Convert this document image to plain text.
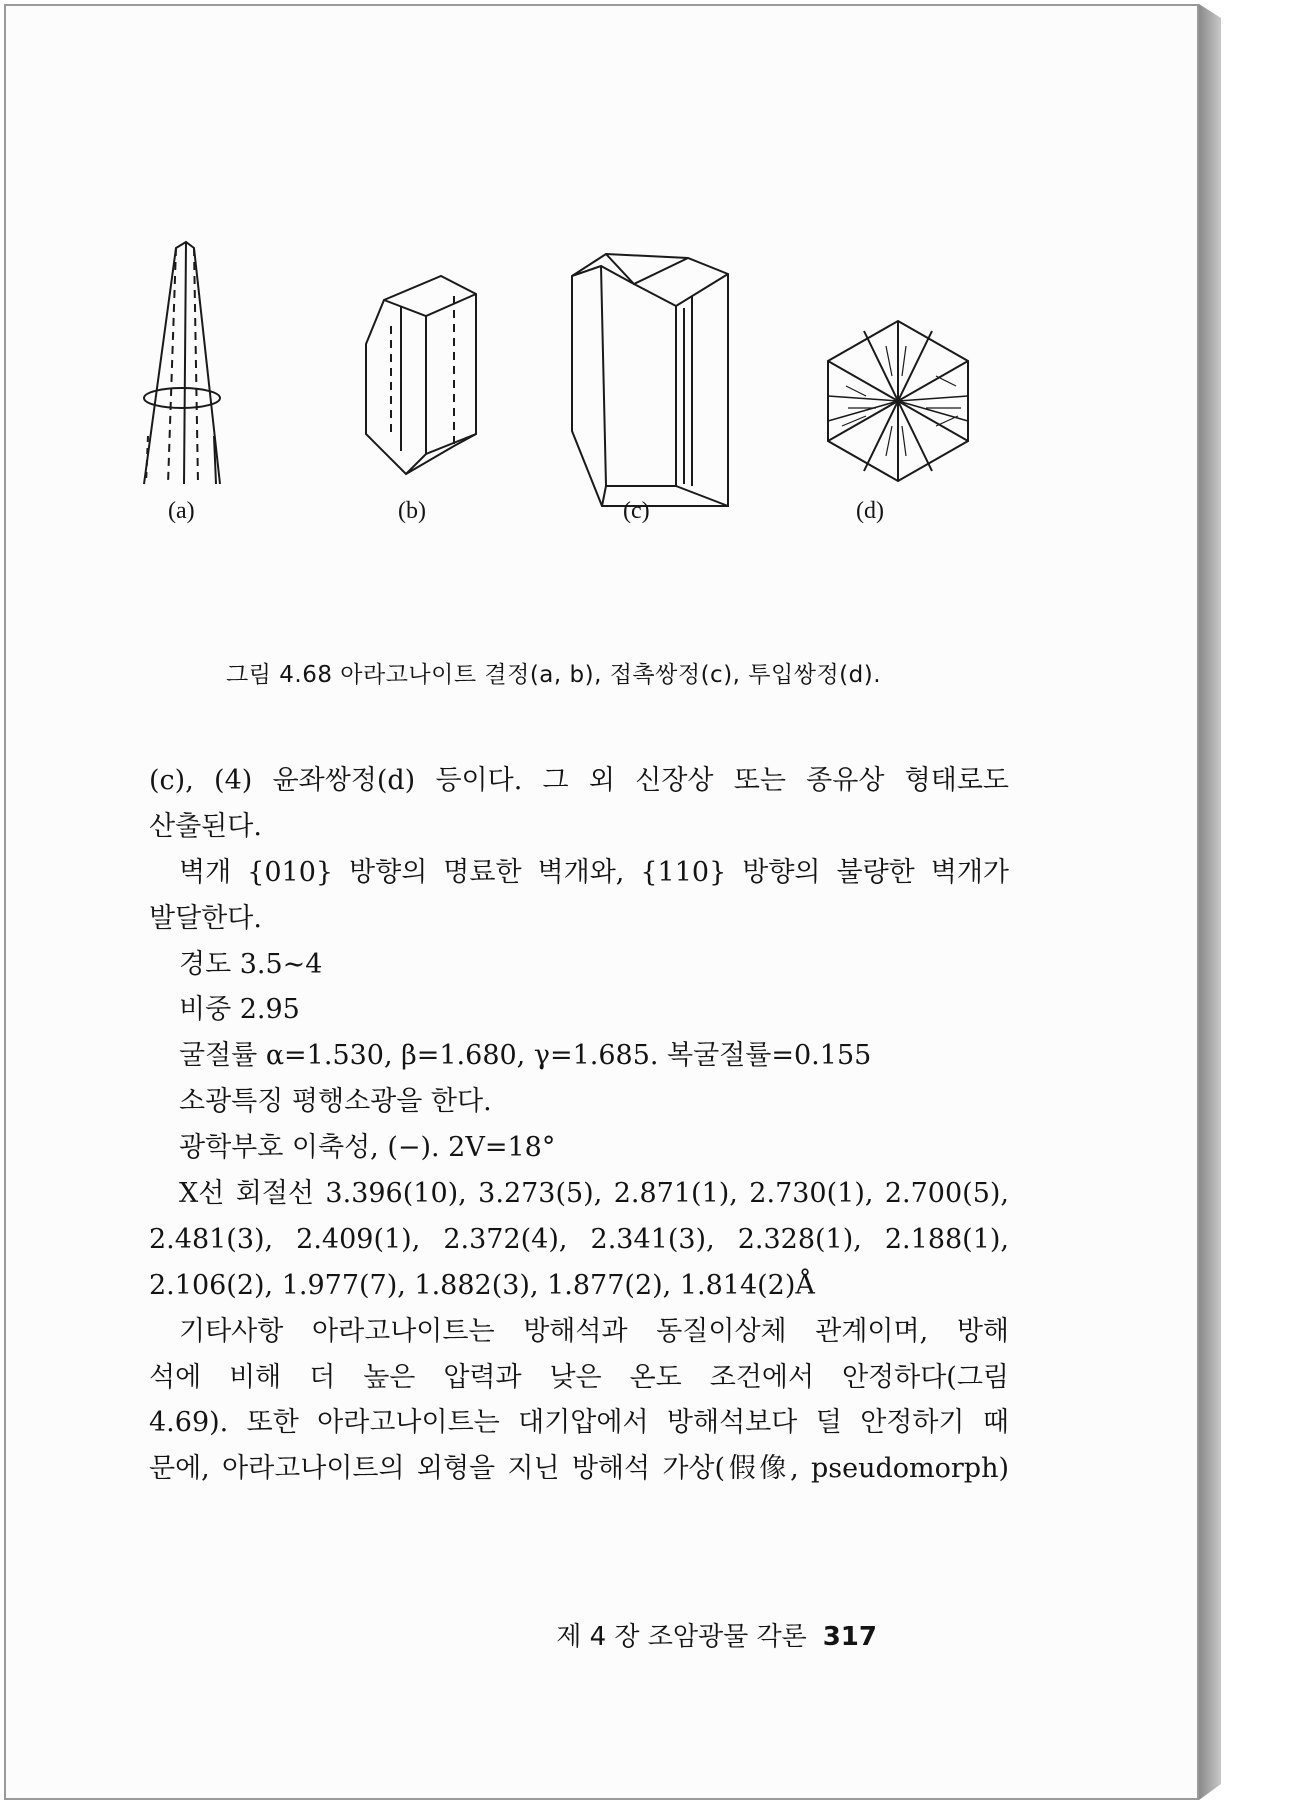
(a)	(b)	(c)	(d)
그림 4.68 아라고나이트 결정(a, b), 접촉쌍정(c), 투입쌍정(d).
(c), (4) 윤좌쌍정(d) 등이다. 그 외 신장상 또는 종유상 형태로도
산출된다.
벽개 {010} 방향의 명료한 벽개와, {110} 방향의 불량한 벽개가
발달한다.
경도 3.5∼4
비중 2.95
굴절률 α=1.530, β=1.680, γ=1.685. 복굴절률=0.155
소광특징 평행소광을 한다.
광학부호 이축성, (−). 2V=18°
X선 회절선 3.396(10), 3.273(5), 2.871(1), 2.730(1), 2.700(5),
2.481(3), 2.409(1), 2.372(4), 2.341(3), 2.328(1), 2.188(1),
2.106(2), 1.977(7), 1.882(3), 1.877(2), 1.814(2)Å
기타사항 아라고나이트는 방해석과 동질이상체 관계이며, 방해
석에 비해 더 높은 압력과 낮은 온도 조건에서 안정하다(그림
4.69). 또한 아라고나이트는 대기압에서 방해석보다 덜 안정하기 때
문에, 아라고나이트의 외형을 지닌 방해석 가상(假像, pseudomorph)
제 4 장 조암광물 각론 317
